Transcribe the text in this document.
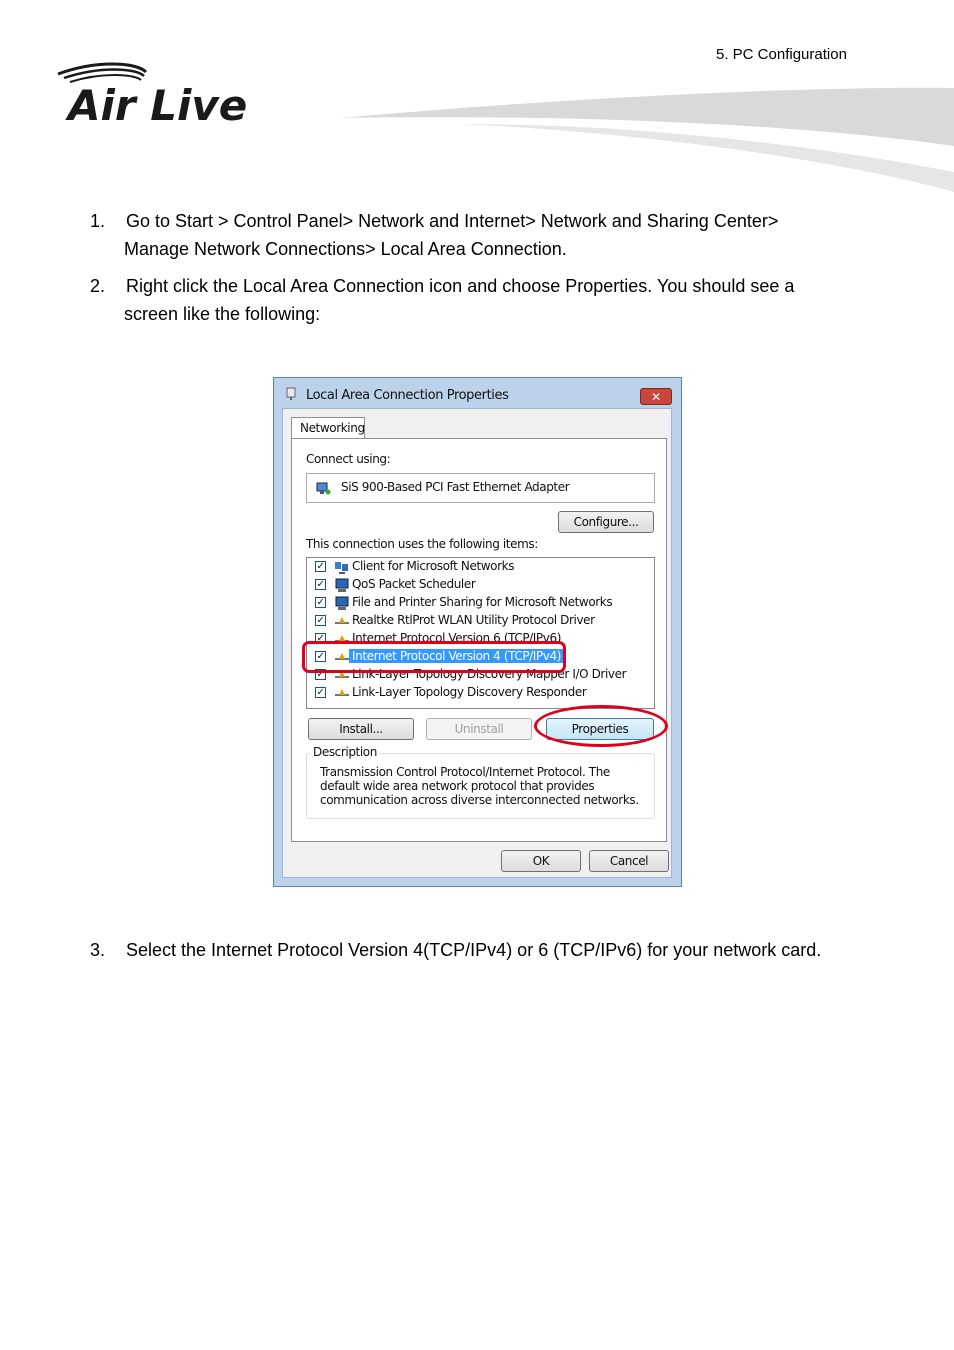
5. PC Configuration
Air Live
1. Go to Start > Control Panel> Network and Internet> Network and Sharing Center>
Manage Network Connections> Local Area Connection.
2. Right click the Local Area Connection icon and choose Properties. You should see a
screen like the following:
Local Area Connection Properties	✕
Networking
Connect using:
SiS 900-Based PCI Fast Ethernet Adapter
Configure...
This connection uses the following items:
✓ Client for Microsoft Networks
✓ QoS Packet Scheduler
✓ File and Printer Sharing for Microsoft Networks
✓ Realtke RtlProt WLAN Utility Protocol Driver
✓ Internet Protocol Version 6 (TCP/IPv6)
✓ Internet Protocol Version 4 (TCP/IPv4)
✓ Link-Layer Topology Discovery Mapper I/O Driver
✓ Link-Layer Topology Discovery Responder
Install...	Uninstall	Properties
Description
Transmission Control Protocol/Internet Protocol. The default wide area network protocol that provides communication across diverse interconnected networks.
OK	Cancel
3. Select the Internet Protocol Version 4(TCP/IPv4) or 6 (TCP/IPv6) for your network card.
